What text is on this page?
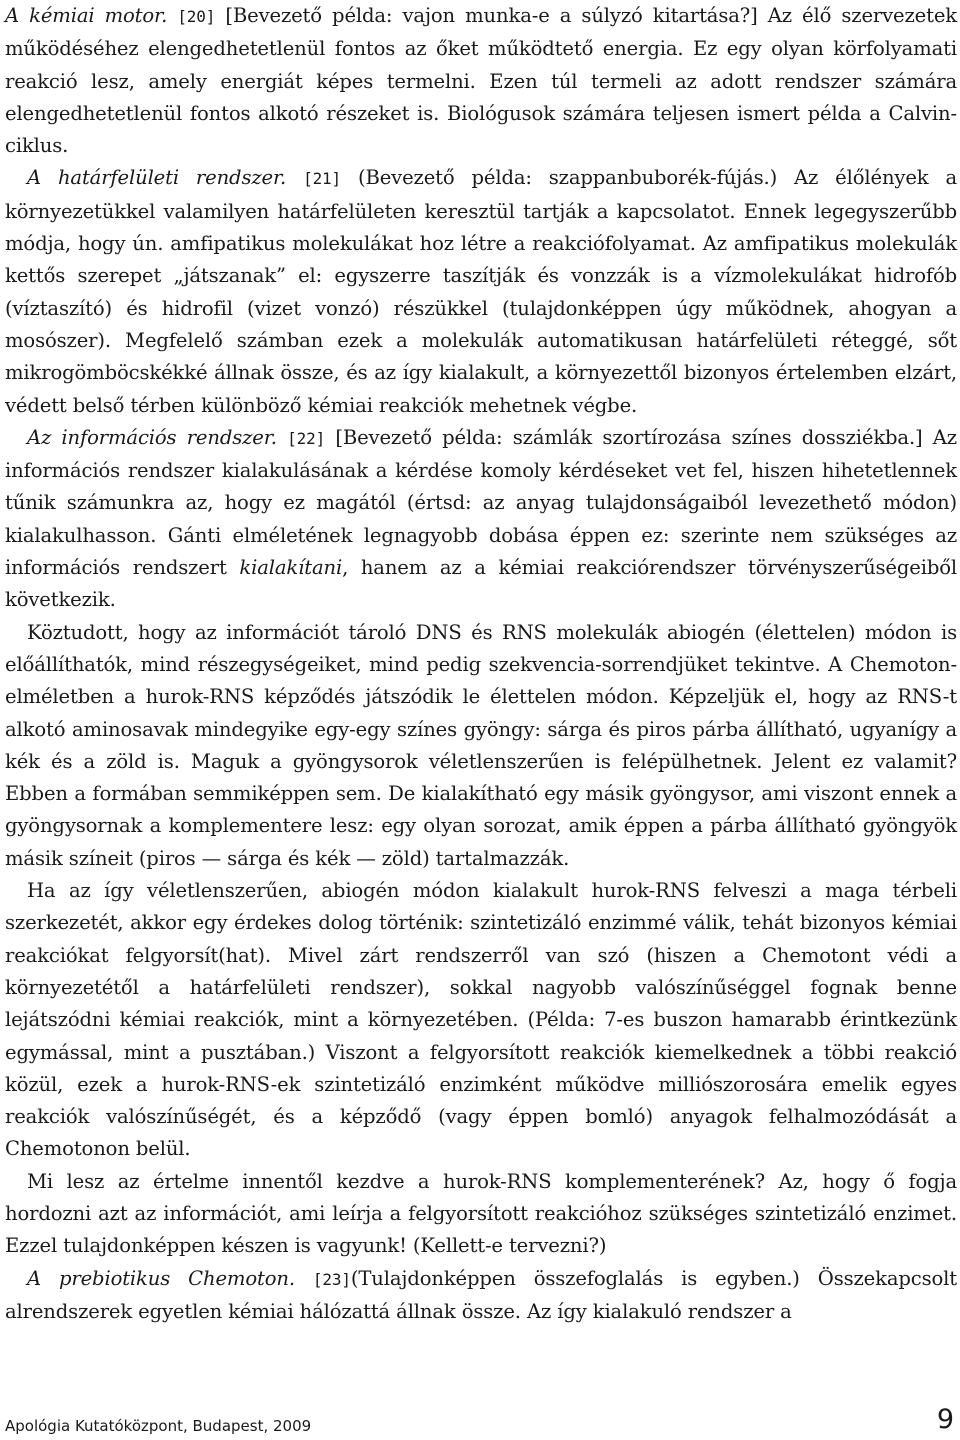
A kémiai motor. [20] [Bevezető példa: vajon munka-e a súlyzó kitartása?] Az élő szervezetek működéséhez elengedhetetlenül fontos az őket működtető energia. Ez egy olyan körfolyamati reakció lesz, amely energiát képes termelni. Ezen túl termeli az adott rendszer számára elengedhetetlenül fontos alkotó részeket is. Biológusok számára teljesen ismert példa a Calvin-ciklus.

A határfelületi rendszer. [21] (Bevezető példa: szappanbuborék-fújás.) Az élőlények a környezetükkel valamilyen határfelületen keresztül tartják a kapcsolatot. Ennek legegyszerűbb módja, hogy ún. amfipatikus molekulákat hoz létre a reakciófolyamat. Az amfipatikus molekulák kettős szerepet „játszanak” el: egyszerre taszítják és vonzzák is a vízmolekulákat hidrofób (víztaszító) és hidrofil (vizet vonzó) részükkel (tulajdonképpen úgy működnek, ahogyan a mosószer). Megfelelő számban ezek a molekulák automatikusan határfelületi réteggé, sőt mikrogömböcskékké állnak össze, és az így kialakult, a környezettől bizonyos értelemben elzárt, védett belső térben különböző kémiai reakciók mehetnek végbe.

Az információs rendszer. [22] [Bevezető példa: számlák szortírozása színes dossziékba.] Az információs rendszer kialakulásának a kérdése komoly kérdéseket vet fel, hiszen hihetetlennek tűnik számunkra az, hogy ez magától (értsd: az anyag tulajdonságaiból levezethető módon) kialakulhasson. Gánti elméletének legnagyobb dobása éppen ez: szerinte nem szükséges az információs rendszert kialakítani, hanem az a kémiai reakciórendszer törvényszerűségeiből következik.

Köztudott, hogy az információt tároló DNS és RNS molekulák abiogén (élettelen) módon is előállíthatók, mind részegységeiket, mind pedig szekvencia-sorrendjüket tekintve. A Chemoton-elméletben a hurok-RNS képződés játszódik le élettelen módon. Képzeljük el, hogy az RNS-t alkotó aminosavak mindegyike egy-egy színes gyöngy: sárga és piros párba állítható, ugyanígy a kék és a zöld is. Maguk a gyöngysorok véletlenszerűen is felépülhetnek. Jelent ez valamit? Ebben a formában semmiképpen sem. De kialakítható egy másik gyöngysor, ami viszont ennek a gyöngysornak a komplementere lesz: egy olyan sorozat, amik éppen a párba állítható gyöngyök másik színeit (piros — sárga és kék — zöld) tartalmazzák.

Ha az így véletlenszerűen, abiogén módon kialakult hurok-RNS felveszi a maga térbeli szerkezetét, akkor egy érdekes dolog történik: szintetizáló enzimmé válik, tehát bizonyos kémiai reakciókat felgyorsít(hat). Mivel zárt rendszerről van szó (hiszen a Chemotont védi a környezetétől a határfelületi rendszer), sokkal nagyobb valószínűséggel fognak benne lejátszódni kémiai reakciók, mint a környezetében. (Példa: 7-es buszon hamarabb érintkezünk egymással, mint a pusztában.) Viszont a felgyorsított reakciók kiemelkednek a többi reakció közül, ezek a hurok-RNS-ek szintetizáló enzimként működve milliószorosára emelik egyes reakciók valószínűségét, és a képződő (vagy éppen bomló) anyagok felhalmozódását a Chemotonon belül.

Mi lesz az értelme innentől kezdve a hurok-RNS komplementerének? Az, hogy ő fogja hordozni azt az információt, ami leírja a felgyorsított reakcióhoz szükséges szintetizáló enzimet. Ezzel tulajdonképpen készen is vagyunk! (Kellett-e tervezni?)

A prebiotikus Chemoton. [23](Tulajdonképpen összefoglalás is egyben.) Összekapcsolt alrendszerek egyetlen kémiai hálózattá állnak össze. Az így kialakuló rendszer a

Apológia Kutatóközpont, Budapest, 2009	9
